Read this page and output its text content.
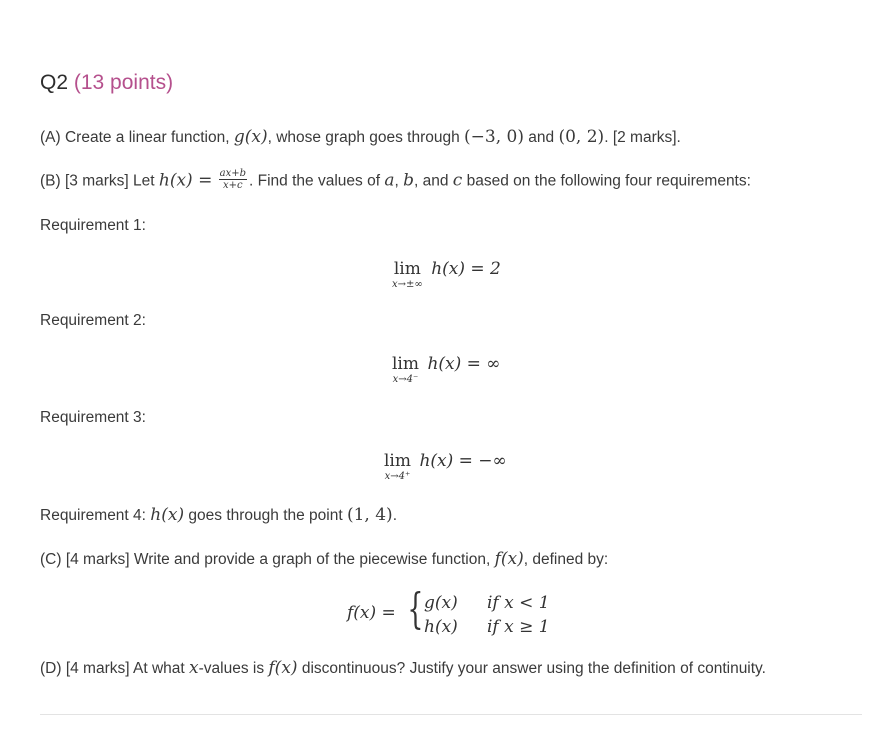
Q2 (13 points)
(A) Create a linear function, g(x), whose graph goes through (−3, 0) and (0, 2). [2 marks].
(B) [3 marks] Let $h(x) = \frac{ax+b}{x+c}$ . Find the values of a, b, and c based on the following four requirements:
Requirement 1:
lim
x→±∞
h(x) = 2
Requirement 2:
lim
x→4⁻
h(x) = ∞
Requirement 3:
lim
x→4⁺
h(x) = −∞
Requirement 4: h(x) goes through the point (1, 4).
(C) [4 marks] Write and provide a graph of the piecewise function, f(x), defined by:
f(x) = { g(x) if x < 1
h(x) if x ≥ 1
(D) [4 marks] At what x-values is f(x) discontinuous? Justify your answer using the definition of continuity.
